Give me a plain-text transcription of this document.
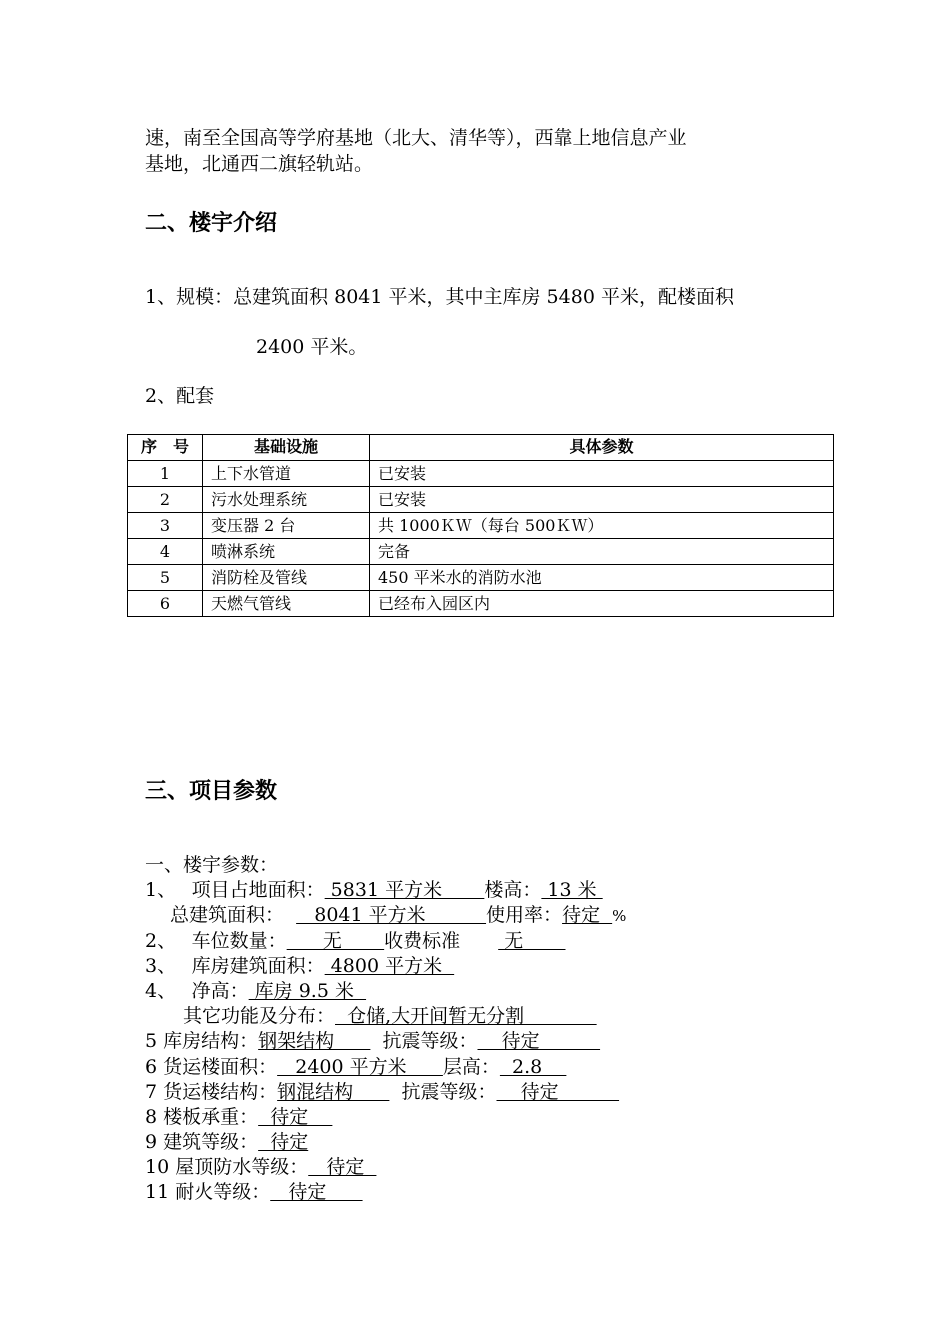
速，南至全国高等学府基地（北大、清华等），西靠上地信息产业
基地，北通西二旗轻轨站。
二、楼宇介绍
1、规模：总建筑面积 8041 平米，其中主库房 5480 平米，配楼面积
2400 平米。
2、配套
序　号	基础设施	具体参数
1	上下水管道	已安装
2	污水处理系统	已安装
3	变压器 2 台	共 1000ＫＷ（每台 500ＫＷ）
4	喷淋系统	完备
5	消防栓及管线	450 平米水的消防水池
6	天燃气管线	已经布入园区内
三、项目参数
一、楼宇参数：
1、　 项目占地面积： 5831 平方米       楼高： 13 米
　 总建筑面积：     8041 平方米          使用率：待定  %
2、　 车位数量：      无       收费标准　　 无
3、　 库房建筑面积： 4800 平方米
4、　 净高： 库房 9.5 米
　　其它功能及分布：  仓储,大开间暂无分割
5 库房结构：钢架结构        抗震等级：    待定
6 货运楼面积：   2400 平方米      层高：  2.8
7 货运楼结构：钢混结构        抗震等级：    待定
8 楼板承重：  待定
9 建筑等级：  待定
10 屋顶防水等级：   待定
11 耐火等级：   待定
